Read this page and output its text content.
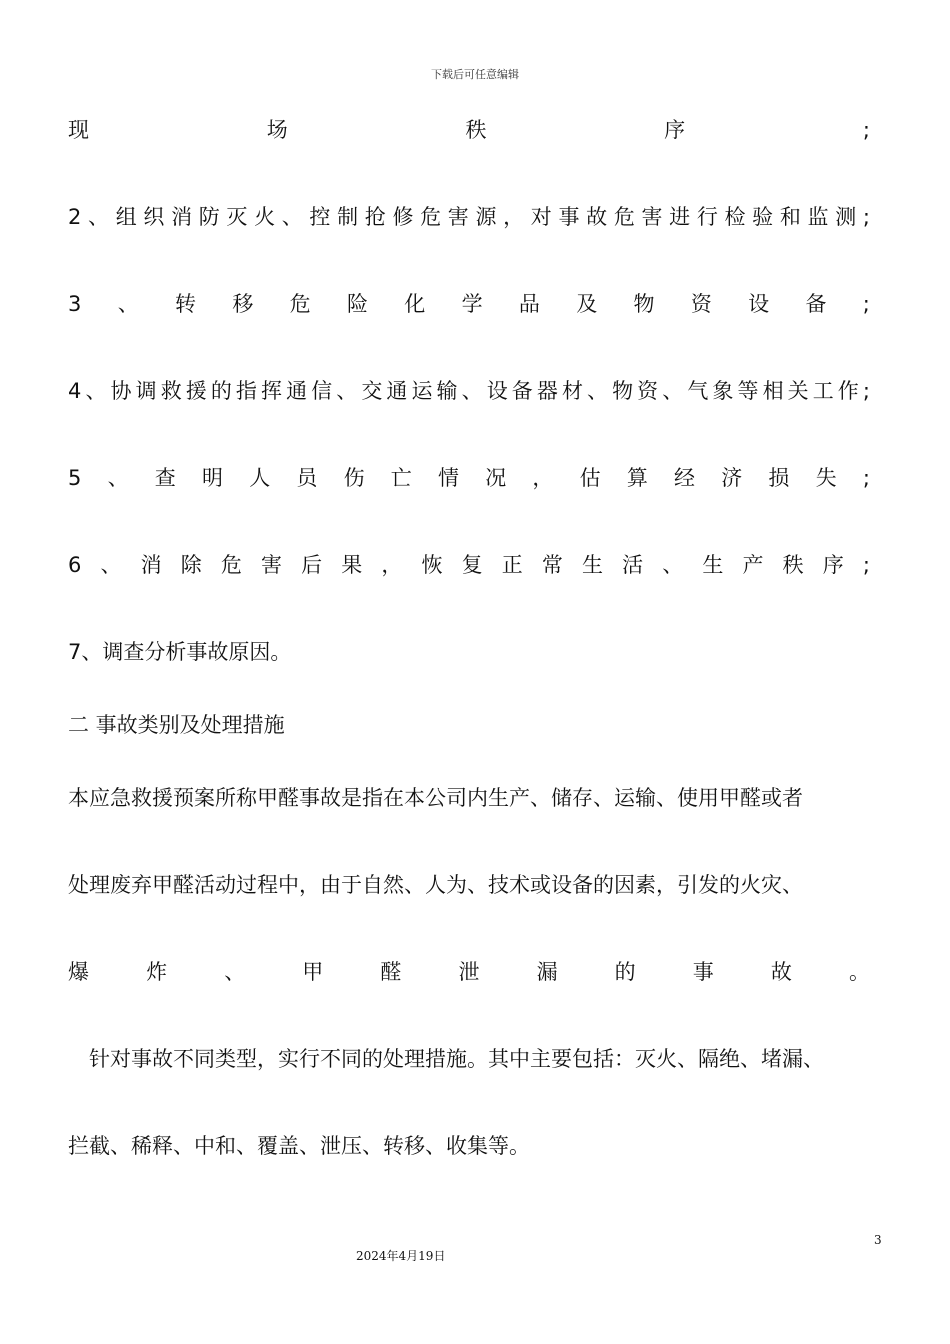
下载后可任意编辑
现	场	秩	序	;
2 、 组 织 消 防 灭 火 、 控 制 抢 修 危 害 源 ， 对 事 故 危 害 进 行 检 验 和 监 测 ;
3 、 转 移 危 险 化 学 品 及 物 资 设 备 ;
4 、 协 调 救 援 的 指 挥 通 信 、 交 通 运 输 、 设 备 器 材 、 物 资 、 气 象 等 相 关 工 作 ;
5 、 查 明 人 员 伤 亡 情 况 ， 估 算 经 济 损 失 ;
6 、 消 除 危 害 后 果 ， 恢 复 正 常 生 活 、 生 产 秩 序 ;
7、调查分析事故原因。
二 事故类别及处理措施
本应急救援预案所称甲醛事故是指在本公司内生产、储存、运输、使用甲醛或者
处理废弃甲醛活动过程中，由于自然、人为、技术或设备的因素，引发的火灾、
爆	炸	、	甲	醛	泄	漏	的	事	故	。
　针对事故不同类型，实行不同的处理措施。其中主要包括：灭火、隔绝、堵漏、
拦截、稀释、中和、覆盖、泄压、转移、收集等。
3
2024年4月19日
